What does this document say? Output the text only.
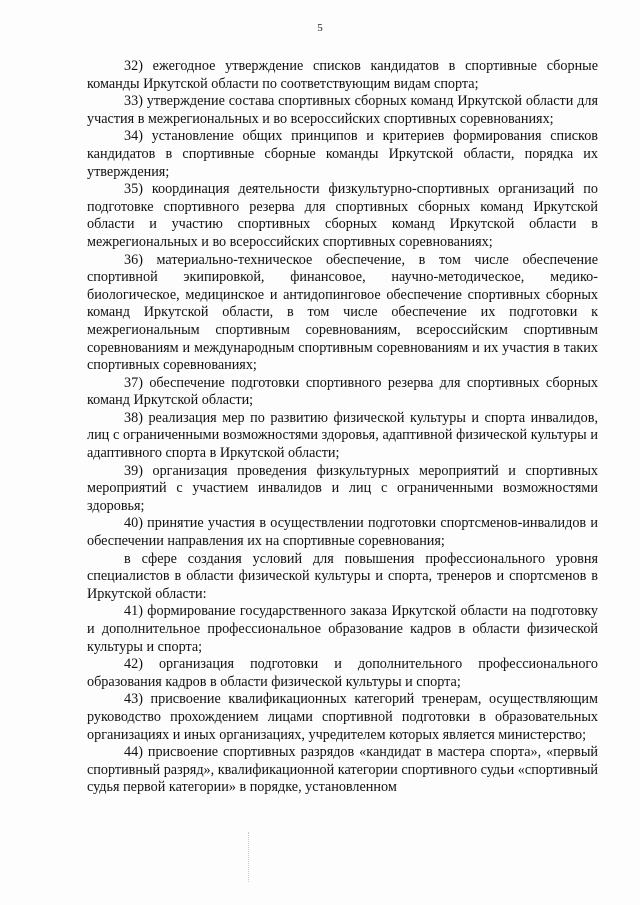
5

32) ежегодное утверждение списков кандидатов в спортивные сборные команды Иркутской области по соответствующим видам спорта;

33) утверждение состава спортивных сборных команд Иркутской области для участия в межрегиональных и во всероссийских спортивных соревнованиях;

34) установление общих принципов и критериев формирования списков кандидатов в спортивные сборные команды Иркутской области, порядка их утверждения;

35) координация деятельности физкультурно-спортивных организаций по подготовке спортивного резерва для спортивных сборных команд Иркутской области и участию спортивных сборных команд Иркутской области в межрегиональных и во всероссийских спортивных соревнованиях;

36) материально-техническое обеспечение, в том числе обеспечение спортивной экипировкой, финансовое, научно-методическое, медико-биологическое, медицинское и антидопинговое обеспечение спортивных сборных команд Иркутской области, в том числе обеспечение их подготовки к межрегиональным спортивным соревнованиям, всероссийским спортивным соревнованиям и международным спортивным соревнованиям и их участия в таких спортивных соревнованиях;

37) обеспечение подготовки спортивного резерва для спортивных сборных команд Иркутской области;

38) реализация мер по развитию физической культуры и спорта инвалидов, лиц с ограниченными возможностями здоровья, адаптивной физической культуры и адаптивного спорта в Иркутской области;

39) организация проведения физкультурных мероприятий и спортивных мероприятий с участием инвалидов и лиц с ограниченными возможностями здоровья;

40) принятие участия в осуществлении подготовки спортсменов-инвалидов и обеспечении направления их на спортивные соревнования;

в сфере создания условий для повышения профессионального уровня специалистов в области физической культуры и спорта, тренеров и спортсменов в Иркутской области:

41) формирование государственного заказа Иркутской области на подготовку и дополнительное профессиональное образование кадров в области физической культуры и спорта;

42) организация подготовки и дополнительного профессионального образования кадров в области физической культуры и спорта;

43) присвоение квалификационных категорий тренерам, осуществляющим руководство прохождением лицами спортивной подготовки в образовательных организациях и иных организациях, учредителем которых является министерство;

44) присвоение спортивных разрядов «кандидат в мастера спорта», «первый спортивный разряд», квалификационной категории спортивного судьи «спортивный судья первой категории» в порядке, установленном
